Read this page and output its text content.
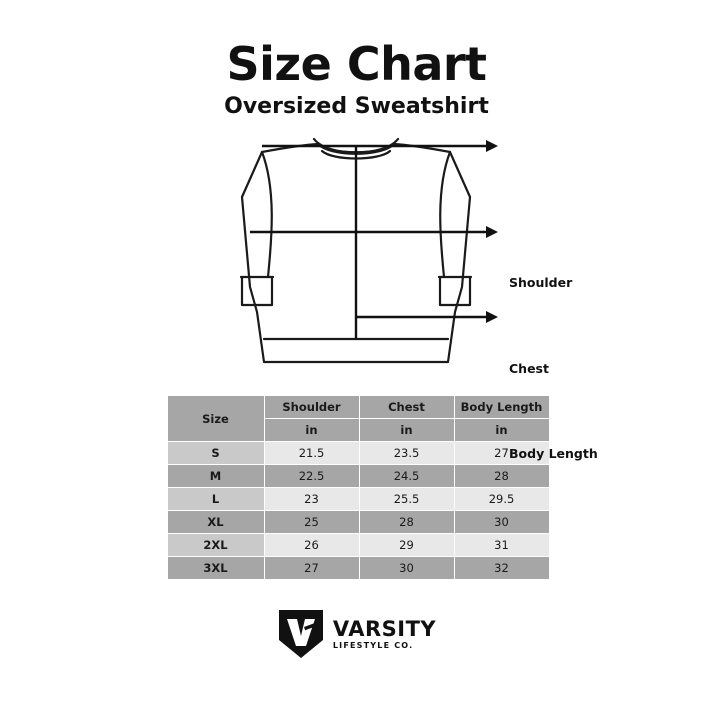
Size Chart
Oversized Sweatshirt
Shoulder
Chest
Body Length
Size	Shoulder	Chest	Body Length
	in	in	in
S	21.5	23.5	27
M	22.5	24.5	28
L	23	25.5	29.5
XL	25	28	30
2XL	26	29	31
3XL	27	30	32
VARSITY
LIFESTYLE CO.
